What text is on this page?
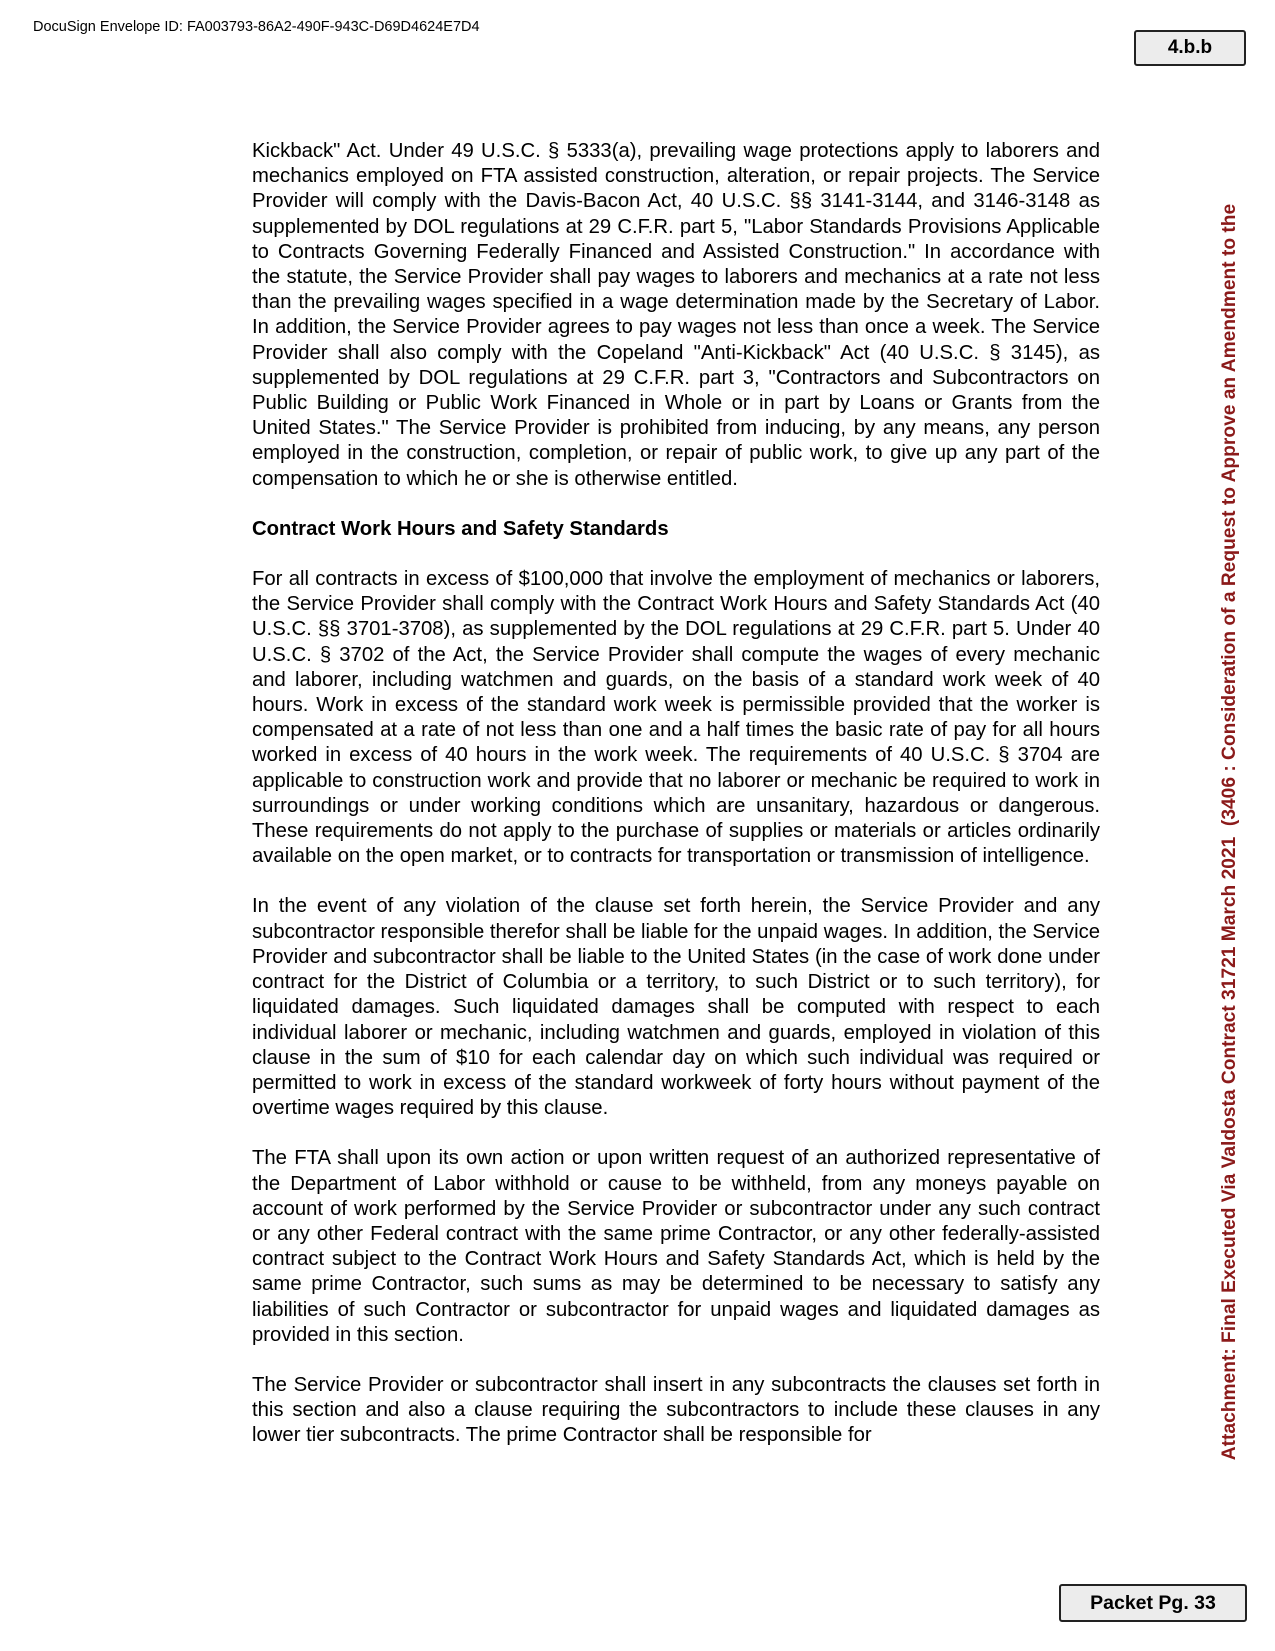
DocuSign Envelope ID: FA003793-86A2-490F-943C-D69D4624E7D4
4.b.b
Attachment: Final Executed Via Valdosta Contract 31721 March 2021  (3406 : Consideration of a Request to Approve an Amendment to the

Kickback" Act. Under 49 U.S.C. § 5333(a), prevailing wage protections apply to laborers and mechanics employed on FTA assisted construction, alteration, or repair projects. The Service Provider will comply with the Davis-Bacon Act, 40 U.S.C. §§ 3141-3144, and 3146-3148 as supplemented by DOL regulations at 29 C.F.R. part 5, "Labor Standards Provisions Applicable to Contracts Governing Federally Financed and Assisted Construction." In accordance with the statute, the Service Provider shall pay wages to laborers and mechanics at a rate not less than the prevailing wages specified in a wage determination made by the Secretary of Labor. In addition, the Service Provider agrees to pay wages not less than once a week. The Service Provider shall also comply with the Copeland "Anti-Kickback" Act (40 U.S.C. § 3145), as supplemented by DOL regulations at 29 C.F.R. part 3, "Contractors and Subcontractors on Public Building or Public Work Financed in Whole or in part by Loans or Grants from the United States." The Service Provider is prohibited from inducing, by any means, any person employed in the construction, completion, or repair of public work, to give up any part of the compensation to which he or she is otherwise entitled.

Contract Work Hours and Safety Standards

For all contracts in excess of $100,000 that involve the employment of mechanics or laborers, the Service Provider shall comply with the Contract Work Hours and Safety Standards Act (40 U.S.C. §§ 3701-3708), as supplemented by the DOL regulations at 29 C.F.R. part 5. Under 40 U.S.C. § 3702 of the Act, the Service Provider shall compute the wages of every mechanic and laborer, including watchmen and guards, on the basis of a standard work week of 40 hours. Work in excess of the standard work week is permissible provided that the worker is compensated at a rate of not less than one and a half times the basic rate of pay for all hours worked in excess of 40 hours in the work week. The requirements of 40 U.S.C. § 3704 are applicable to construction work and provide that no laborer or mechanic be required to work in surroundings or under working conditions which are unsanitary, hazardous or dangerous. These requirements do not apply to the purchase of supplies or materials or articles ordinarily available on the open market, or to contracts for transportation or transmission of intelligence.

In the event of any violation of the clause set forth herein, the Service Provider and any subcontractor responsible therefor shall be liable for the unpaid wages. In addition, the Service Provider and subcontractor shall be liable to the United States (in the case of work done under contract for the District of Columbia or a territory, to such District or to such territory), for liquidated damages. Such liquidated damages shall be computed with respect to each individual laborer or mechanic, including watchmen and guards, employed in violation of this clause in the sum of $10 for each calendar day on which such individual was required or permitted to work in excess of the standard workweek of forty hours without payment of the overtime wages required by this clause.

The FTA shall upon its own action or upon written request of an authorized representative of the Department of Labor withhold or cause to be withheld, from any moneys payable on account of work performed by the Service Provider or subcontractor under any such contract or any other Federal contract with the same prime Contractor, or any other federally-assisted contract subject to the Contract Work Hours and Safety Standards Act, which is held by the same prime Contractor, such sums as may be determined to be necessary to satisfy any liabilities of such Contractor or subcontractor for unpaid wages and liquidated damages as provided in this section.

The Service Provider or subcontractor shall insert in any subcontracts the clauses set forth in this section and also a clause requiring the subcontractors to include these clauses in any lower tier subcontracts. The prime Contractor shall be responsible for

Packet Pg. 33
